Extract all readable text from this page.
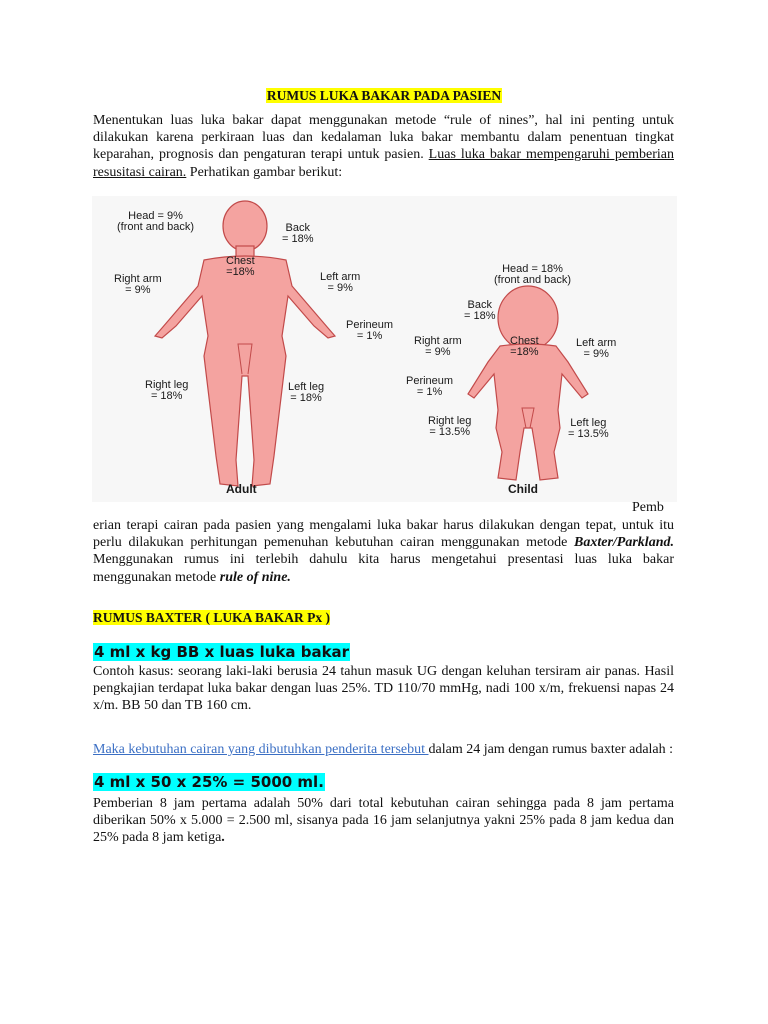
RUMUS LUKA BAKAR PADA PASIEN
Menentukan luas luka bakar dapat menggunakan metode “rule of nines”, hal ini penting untuk dilakukan karena perkiraan luas dan kedalaman luka bakar membantu dalam penentuan tingkat keparahan, prognosis dan pengaturan terapi untuk pasien. Luas luka bakar mempengaruhi pemberian resusitasi cairan. Perhatikan gambar berikut:
Head = 9%
(front and back)	Back
= 18%
Chest
=18%
Right arm
= 9%
Left arm
= 9%
Perineum
= 1%
Right leg
= 18%
Left leg
= 18%
Adult
Head = 18%
(front and back)
Back
= 18%
Right arm
= 9%
Chest
=18%
Left arm
= 9%
Perineum
= 1%
Right leg
= 13.5%
Left leg
= 13.5%
Child
Pemb
erian terapi cairan pada pasien yang mengalami luka bakar harus dilakukan dengan tepat, untuk itu perlu dilakukan perhitungan pemenuhan kebutuhan cairan menggunakan metode Baxter/Parkland. Menggunakan rumus ini terlebih dahulu kita harus mengetahui presentasi luas luka bakar menggunakan metode rule of nine.
RUMUS BAXTER ( LUKA BAKAR Px )
4 ml x kg BB x luas luka bakar
Contoh kasus: seorang laki-laki berusia 24 tahun masuk UG dengan keluhan tersiram air panas. Hasil pengkajian terdapat luka bakar dengan luas 25%. TD 110/70 mmHg, nadi 100 x/m, frekuensi napas 24 x/m. BB 50 dan TB 160 cm.
Maka kebutuhan cairan yang dibutuhkan penderita tersebut dalam 24 jam dengan rumus baxter adalah :
4 ml x 50 x 25% = 5000 ml.
Pemberian 8 jam pertama adalah 50% dari total kebutuhan cairan sehingga pada 8 jam pertama diberikan 50% x 5.000 = 2.500 ml, sisanya pada 16 jam selanjutnya yakni 25% pada 8 jam kedua dan 25% pada 8 jam ketiga.
